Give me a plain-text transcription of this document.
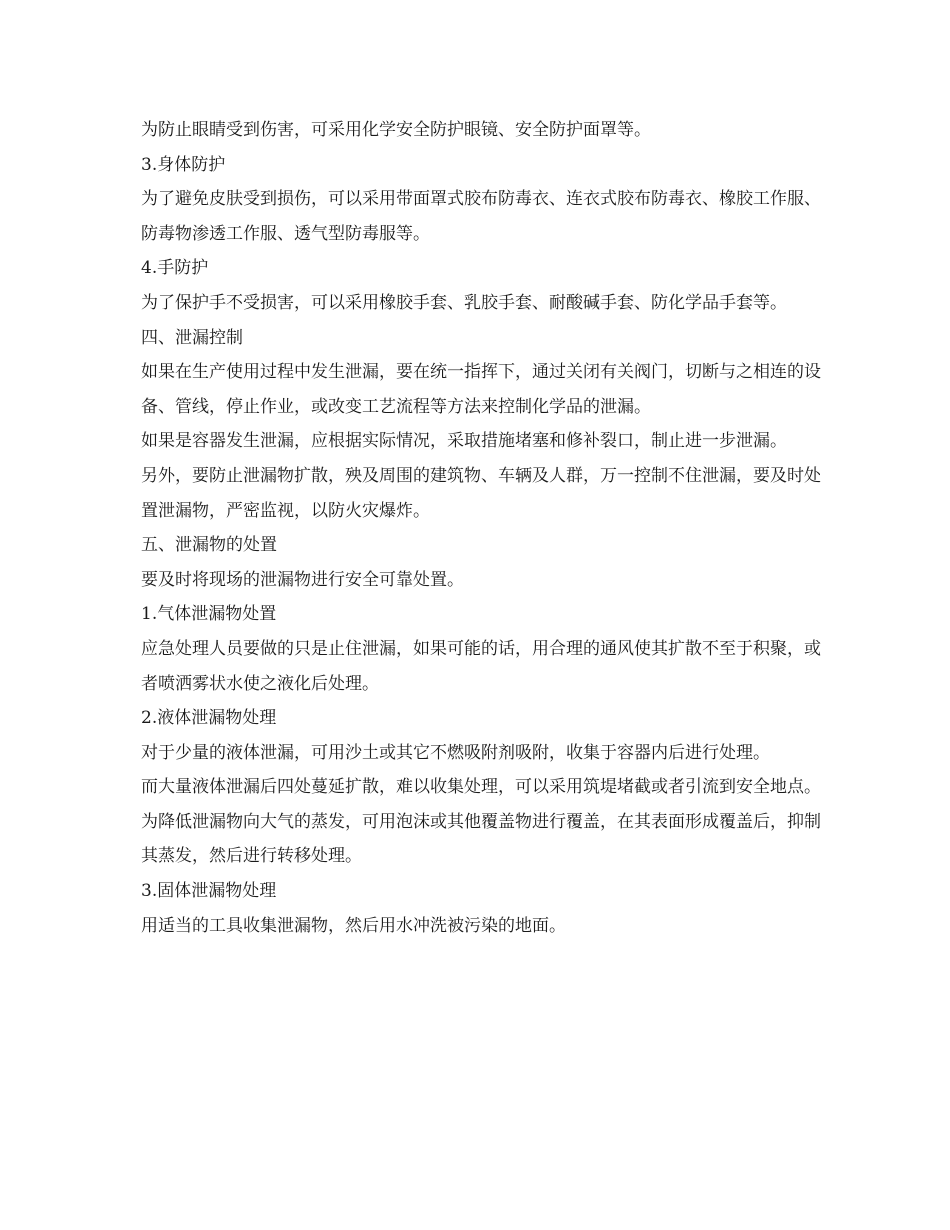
为防止眼睛受到伤害，可采用化学安全防护眼镜、安全防护面罩等。

3.身体防护

为了避免皮肤受到损伤，可以采用带面罩式胶布防毒衣、连衣式胶布防毒衣、橡胶工作服、防毒物渗透工作服、透气型防毒服等。

4.手防护

为了保护手不受损害，可以采用橡胶手套、乳胶手套、耐酸碱手套、防化学品手套等。

四、泄漏控制

如果在生产使用过程中发生泄漏，要在统一指挥下，通过关闭有关阀门，切断与之相连的设备、管线，停止作业，或改变工艺流程等方法来控制化学品的泄漏。

如果是容器发生泄漏，应根据实际情况，采取措施堵塞和修补裂口，制止进一步泄漏。

另外，要防止泄漏物扩散，殃及周围的建筑物、车辆及人群，万一控制不住泄漏，要及时处置泄漏物，严密监视，以防火灾爆炸。

五、泄漏物的处置

要及时将现场的泄漏物进行安全可靠处置。

1.气体泄漏物处置

应急处理人员要做的只是止住泄漏，如果可能的话，用合理的通风使其扩散不至于积聚，或者喷洒雾状水使之液化后处理。

2.液体泄漏物处理

对于少量的液体泄漏，可用沙土或其它不燃吸附剂吸附，收集于容器内后进行处理。

而大量液体泄漏后四处蔓延扩散，难以收集处理，可以采用筑堤堵截或者引流到安全地点。为降低泄漏物向大气的蒸发，可用泡沫或其他覆盖物进行覆盖，在其表面形成覆盖后，抑制其蒸发，然后进行转移处理。

3.固体泄漏物处理

用适当的工具收集泄漏物，然后用水冲洗被污染的地面。
